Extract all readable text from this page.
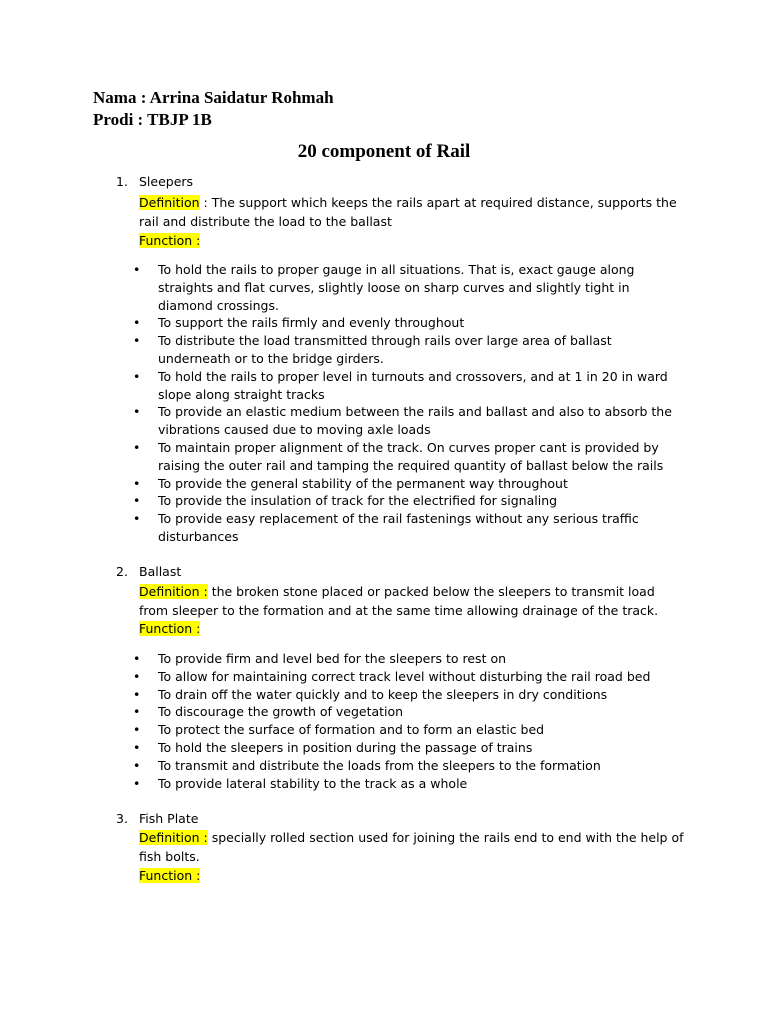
Nama : Arrina Saidatur Rohmah
Prodi : TBJP 1B
20 component of Rail
1. Sleepers
Definition : The support which keeps the rails apart at required distance, supports the rail and distribute the load to the ballast
Function :
• To hold the rails to proper gauge in all situations. That is, exact gauge along straights and flat curves, slightly loose on sharp curves and slightly tight in diamond crossings.
• To support the rails firmly and evenly throughout
• To distribute the load transmitted through rails over large area of ballast underneath or to the bridge girders.
• To hold the rails to proper level in turnouts and crossovers, and at 1 in 20 in ward slope along straight tracks
• To provide an elastic medium between the rails and ballast and also to absorb the vibrations caused due to moving axle loads
• To maintain proper alignment of the track. On curves proper cant is provided by raising the outer rail and tamping the required quantity of ballast below the rails
• To provide the general stability of the permanent way throughout
• To provide the insulation of track for the electrified for signaling
• To provide easy replacement of the rail fastenings without any serious traffic disturbances
2. Ballast
Definition : the broken stone placed or packed below the sleepers to transmit load from sleeper to the formation and at the same time allowing drainage of the track.
Function :
• To provide firm and level bed for the sleepers to rest on
• To allow for maintaining correct track level without disturbing the rail road bed
• To drain off the water quickly and to keep the sleepers in dry conditions
• To discourage the growth of vegetation
• To protect the surface of formation and to form an elastic bed
• To hold the sleepers in position during the passage of trains
• To transmit and distribute the loads from the sleepers to the formation
• To provide lateral stability to the track as a whole
3. Fish Plate
Definition : specially rolled section used for joining the rails end to end with the help of fish bolts.
Function :
